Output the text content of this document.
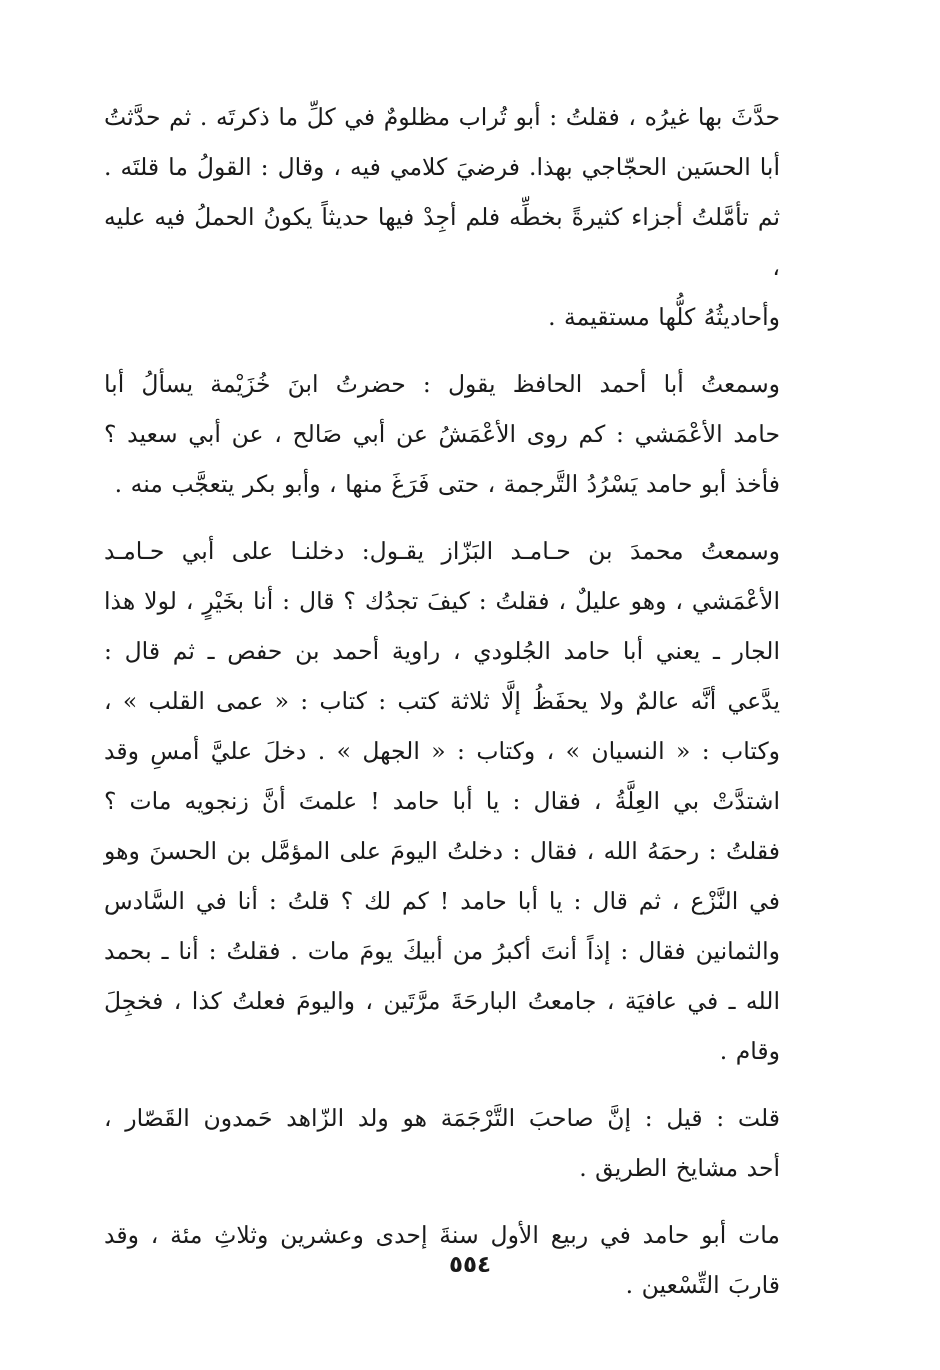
حدَّثَ بها غيرُه ، فقلتُ : أبو تُراب مظلومٌ في كلِّ ما ذكرتَه . ثم حدَّثتُ
أبا الحسَين الحجّاجي بهذا. فرضيَ كلامي فيه ، وقال : القولُ ما قلتَه .
ثم تأمَّلتُ أجزاء كثيرةً بخطِّه فلم أجِدْ فيها حديثاً يكونُ الحملُ فيه عليه ،
وأحاديثُهُ كلُّها مستقيمة .
وسمعتُ أبا أحمد الحافظ يقول : حضرتُ ابنَ خُزَيْمة يسألُ أبا
حامد الأعْمَشي : كم روى الأعْمَشُ عن أبي صَالح ، عن أبي سعيد ؟
فأخذ أبو حامد يَسْرُدُ التَّرجمة ، حتى فَرَغَ منها ، وأبو بكر يتعجَّب منه .
وسمعتُ محمدَ بن حـامـد البَزّاز يقـول: دخلنـا على أبي حـامـد
الأعْمَشي ، وهو عليلٌ ، فقلتُ : كيفَ تجدُك ؟ قال : أنا بخَيْرٍ ، لولا هذا
الجار ـ يعني أبا حامد الجُلودي ، راوية أحمد بن حفص ـ ثم قال :
يدَّعي أنَّه عالمٌ ولا يحفَظُ إلَّا ثلاثة كتب : كتاب : « عمى القلب » ،
وكتاب : « النسيان » ، وكتاب : « الجهل » . دخلَ عليَّ أمسِ وقد
اشتدَّتْ بي العِلَّةُ ، فقال : يا أبا حامد ! علمتَ أنَّ زنجويه مات ؟
فقلتُ : رحمَهُ الله ، فقال : دخلتُ اليومَ على المؤمَّل بن الحسنَ وهو
في النَّزْع ، ثم قال : يا أبا حامد ! كم لك ؟ قلتُ : أنا في السَّادس
والثمانين فقال : إذاً أنتَ أكبرُ من أبيكَ يومَ مات . فقلتُ : أنا ـ بحمد
الله ـ في عافيَة ، جامعتُ البارحَةَ مرَّتَين ، واليومَ فعلتُ كذا ، فخجِلَ
وقام .
قلت : قيل : إنَّ صاحبَ التَّرْجَمَة هو ولد الزّاهد حَمدون القَصّار ،
أحد مشايخ الطريق .
مات أبو حامد في ربيع الأول سنةَ إحدى وعشرين وثلاثِ مئة ، وقد
قاربَ التِّسْعين .
٥٥٤
